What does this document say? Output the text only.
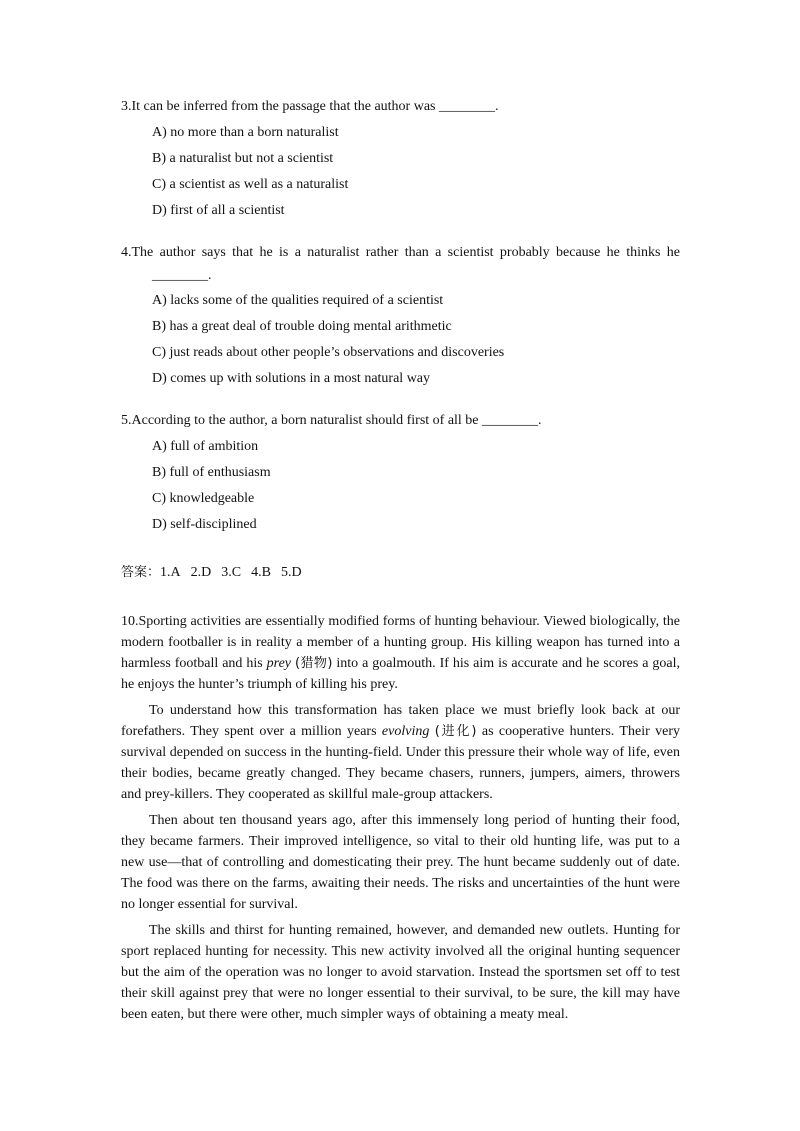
3.It can be inferred from the passage that the author was ________.
A) no more than a born naturalist
B) a naturalist but not a scientist
C) a scientist as well as a naturalist
D) first of all a scientist
4.The author says that he is a naturalist rather than a scientist probably because he thinks he
________.
A) lacks some of the qualities required of a scientist
B) has a great deal of trouble doing mental arithmetic
C) just reads about other people’s observations and discoveries
D) comes up with solutions in a most natural way
5.According to the author, a born naturalist should first of all be ________.
A) full of ambition
B) full of enthusiasm
C) knowledgeable
D) self-disciplined
答案：1.A 2.D 3.C 4.B 5.D

10.Sporting activities are essentially modified forms of hunting behaviour. Viewed biologically, the modern footballer is in reality a member of a hunting group. His killing weapon has turned into a harmless football and his prey (猎物) into a goalmouth. If his aim is accurate and he scores a goal, he enjoys the hunter’s triumph of killing his prey.

To understand how this transformation has taken place we must briefly look back at our forefathers. They spent over a million years evolving (进化) as cooperative hunters. Their very survival depended on success in the hunting-field. Under this pressure their whole way of life, even their bodies, became greatly changed. They became chasers, runners, jumpers, aimers, throwers and prey-killers. They cooperated as skillful male-group attackers.

Then about ten thousand years ago, after this immensely long period of hunting their food, they became farmers. Their improved intelligence, so vital to their old hunting life, was put to a new use—that of controlling and domesticating their prey. The hunt became suddenly out of date. The food was there on the farms, awaiting their needs. The risks and uncertainties of the hunt were no longer essential for survival.

The skills and thirst for hunting remained, however, and demanded new outlets. Hunting for sport replaced hunting for necessity. This new activity involved all the original hunting sequencer but the aim of the operation was no longer to avoid starvation. Instead the sportsmen set off to test their skill against prey that were no longer essential to their survival, to be sure, the kill may have been eaten, but there were other, much simpler ways of obtaining a meaty meal.
